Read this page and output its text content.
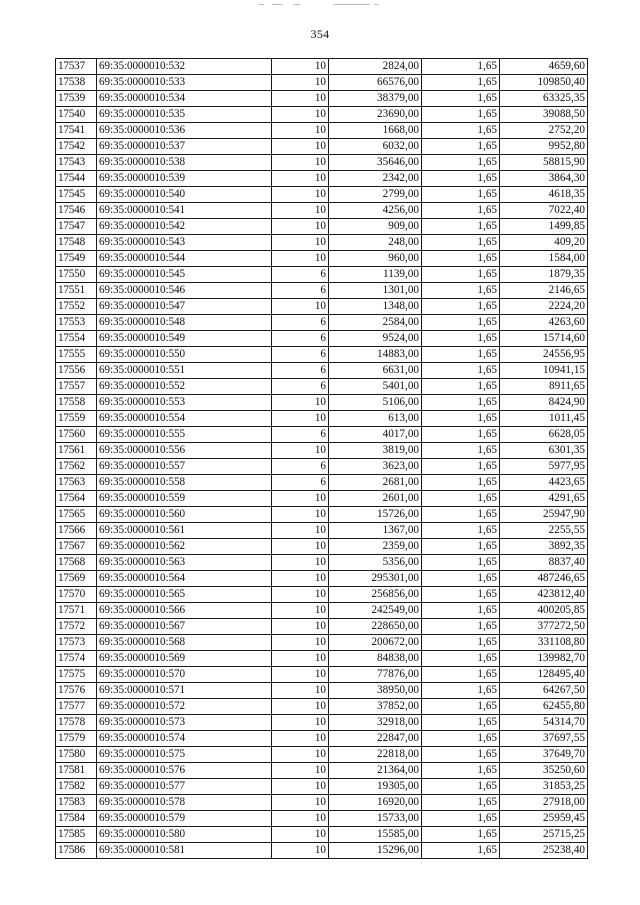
354
17537	69:35:0000010:532	10	2824,00	1,65	4659,60
17538	69:35:0000010:533	10	66576,00	1,65	109850,40
17539	69:35:0000010:534	10	38379,00	1,65	63325,35
17540	69:35:0000010:535	10	23690,00	1,65	39088,50
17541	69:35:0000010:536	10	1668,00	1,65	2752,20
17542	69:35:0000010:537	10	6032,00	1,65	9952,80
17543	69:35:0000010:538	10	35646,00	1,65	58815,90
17544	69:35:0000010:539	10	2342,00	1,65	3864,30
17545	69:35:0000010:540	10	2799,00	1,65	4618,35
17546	69:35:0000010:541	10	4256,00	1,65	7022,40
17547	69:35:0000010:542	10	909,00	1,65	1499,85
17548	69:35:0000010:543	10	248,00	1,65	409,20
17549	69:35:0000010:544	10	960,00	1,65	1584,00
17550	69:35:0000010:545	6	1139,00	1,65	1879,35
17551	69:35:0000010:546	6	1301,00	1,65	2146,65
17552	69:35:0000010:547	10	1348,00	1,65	2224,20
17553	69:35:0000010:548	6	2584,00	1,65	4263,60
17554	69:35:0000010:549	6	9524,00	1,65	15714,60
17555	69:35:0000010:550	6	14883,00	1,65	24556,95
17556	69:35:0000010:551	6	6631,00	1,65	10941,15
17557	69:35:0000010:552	6	5401,00	1,65	8911,65
17558	69:35:0000010:553	10	5106,00	1,65	8424,90
17559	69:35:0000010:554	10	613,00	1,65	1011,45
17560	69:35:0000010:555	6	4017,00	1,65	6628,05
17561	69:35:0000010:556	10	3819,00	1,65	6301,35
17562	69:35:0000010:557	6	3623,00	1,65	5977,95
17563	69:35:0000010:558	6	2681,00	1,65	4423,65
17564	69:35:0000010:559	10	2601,00	1,65	4291,65
17565	69:35:0000010:560	10	15726,00	1,65	25947,90
17566	69:35:0000010:561	10	1367,00	1,65	2255,55
17567	69:35:0000010:562	10	2359,00	1,65	3892,35
17568	69:35:0000010:563	10	5356,00	1,65	8837,40
17569	69:35:0000010:564	10	295301,00	1,65	487246,65
17570	69:35:0000010:565	10	256856,00	1,65	423812,40
17571	69:35:0000010:566	10	242549,00	1,65	400205,85
17572	69:35:0000010:567	10	228650,00	1,65	377272,50
17573	69:35:0000010:568	10	200672,00	1,65	331108,80
17574	69:35:0000010:569	10	84838,00	1,65	139982,70
17575	69:35:0000010:570	10	77876,00	1,65	128495,40
17576	69:35:0000010:571	10	38950,00	1,65	64267,50
17577	69:35:0000010:572	10	37852,00	1,65	62455,80
17578	69:35:0000010:573	10	32918,00	1,65	54314,70
17579	69:35:0000010:574	10	22847,00	1,65	37697,55
17580	69:35:0000010:575	10	22818,00	1,65	37649,70
17581	69:35:0000010:576	10	21364,00	1,65	35250,60
17582	69:35:0000010:577	10	19305,00	1,65	31853,25
17583	69:35:0000010:578	10	16920,00	1,65	27918,00
17584	69:35:0000010:579	10	15733,00	1,65	25959,45
17585	69:35:0000010:580	10	15585,00	1,65	25715,25
17586	69:35:0000010:581	10	15296,00	1,65	25238,40
